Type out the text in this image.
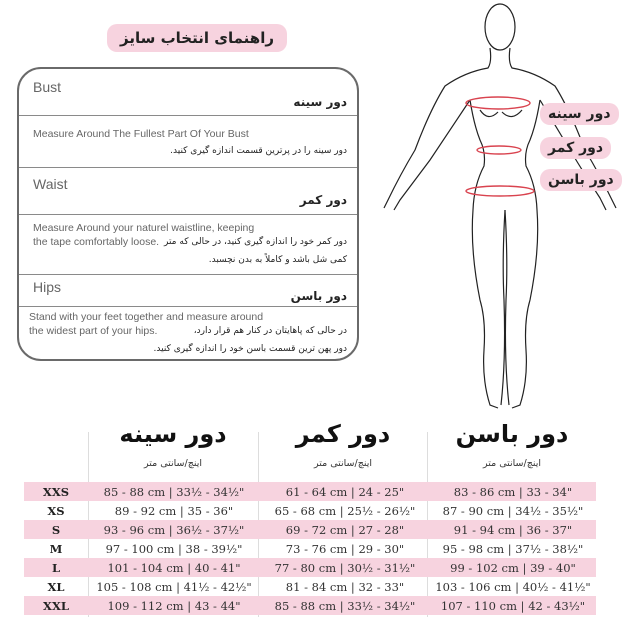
راهنمای انتخاب سایز
Bust
دور سینه
Measure Around The Fullest Part Of Your Bust
دور سینه را در پرترین قسمت اندازه گیری کنید.
Waist
دور کمر
Measure Around your naturel waistline, keeping the tape comfortably loose. دور کمر خود را اندازه گیری کنید، در حالی که متر
کمی شل باشد و کاملاً به بدن نچسبد.
Hips
دور باسن
Stand with your feet together and measure around the widest part of your hips.	در حالی که پاهایتان در کنار هم قرار دارد،
دور پهن ترین قسمت باسن خود را اندازه گیری کنید.
دور سینه
دور کمر
دور باسن
دور سینه
اینچ/سانتی متر
دور کمر
اینچ/سانتی متر
دور باسن
اینچ/سانتی متر
XXS	85 - 88 cm | 33½ - 34½"	61 - 64 cm | 24 - 25"	83 - 86 cm | 33 - 34"
XS	89 - 92 cm | 35 - 36"	65 - 68 cm | 25½ - 26½"	87 - 90 cm | 34½ - 35½"
S	93 - 96 cm | 36½ - 37½"	69 - 72 cm | 27 - 28"	91 - 94 cm | 36 - 37"
M	97 - 100 cm | 38 - 39½"	73 - 76 cm | 29 - 30"	95 - 98 cm | 37½ - 38½"
L	101 - 104 cm | 40 - 41"	77 - 80 cm | 30½ - 31½"	99 - 102 cm | 39 - 40"
XL	105 - 108 cm | 41½ - 42½"	81 - 84 cm | 32 - 33"	103 - 106 cm | 40½ - 41½"
XXL	109 - 112 cm | 43 - 44"	85 - 88 cm | 33½ - 34½"	107 - 110 cm | 42 - 43½"
